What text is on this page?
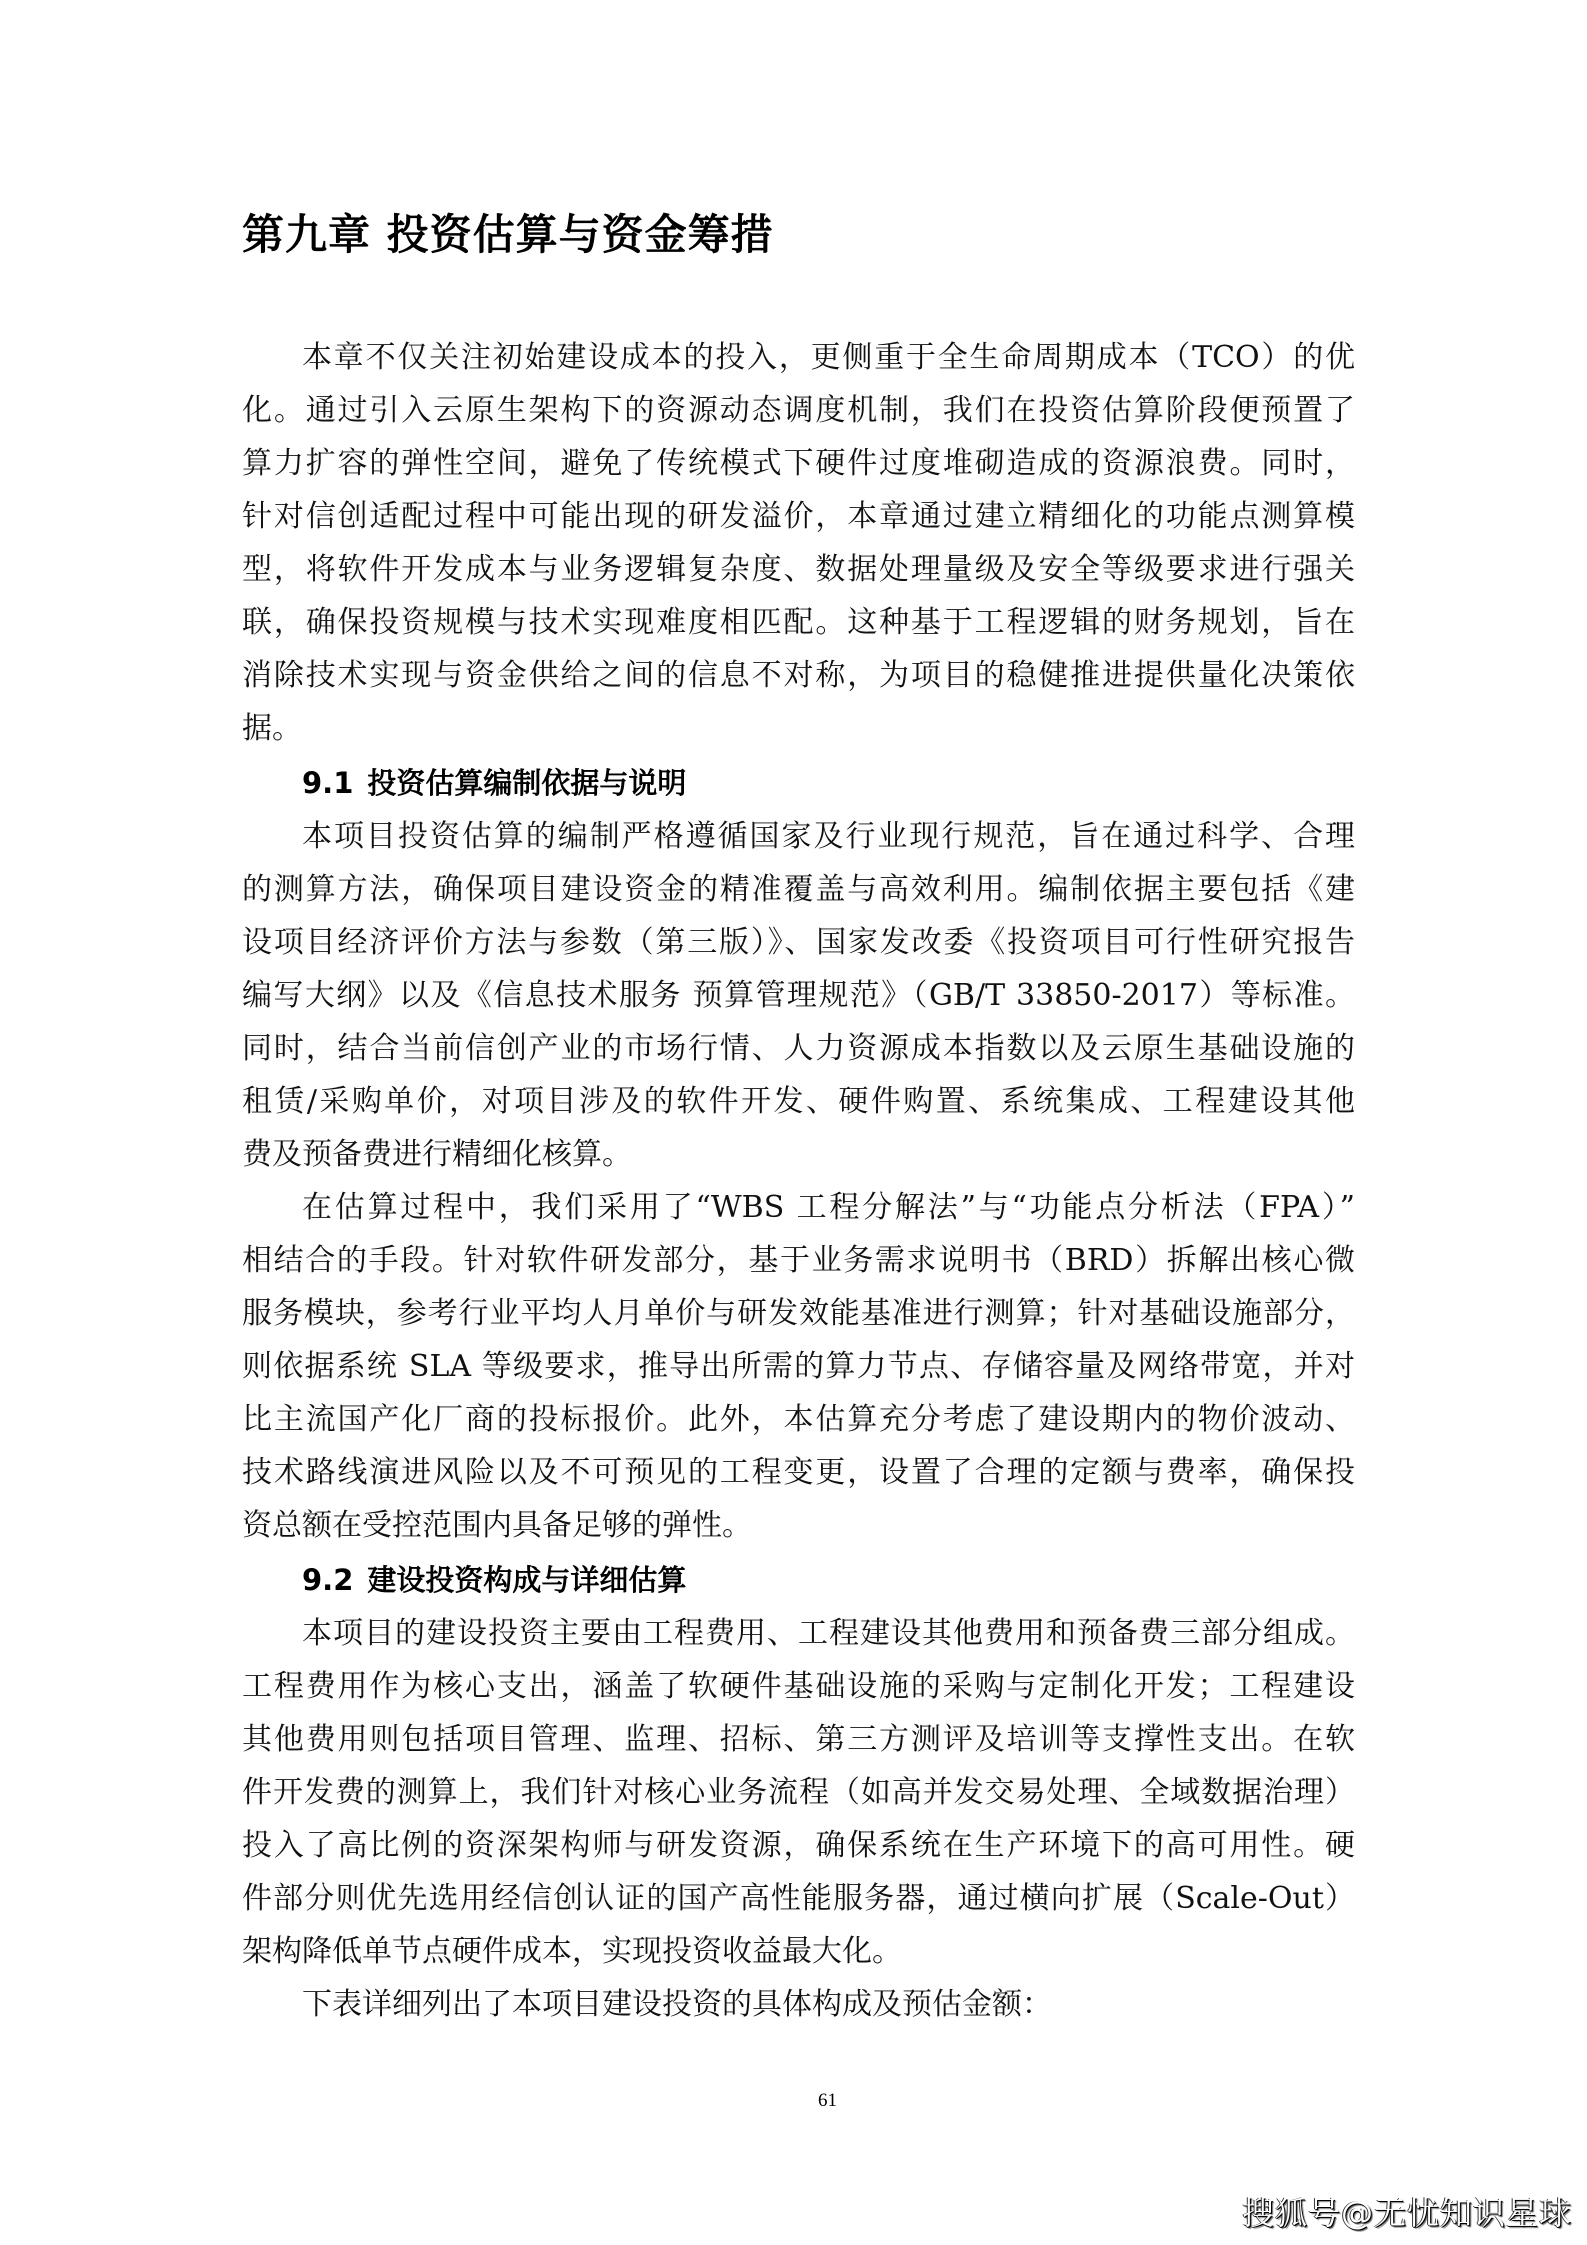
第九章 投资估算与资金筹措
本章不仅关注初始建设成本的投入，更侧重于全生命周期成本（TCO）的优
化。通过引入云原生架构下的资源动态调度机制，我们在投资估算阶段便预置了
算力扩容的弹性空间，避免了传统模式下硬件过度堆砌造成的资源浪费。同时，
针对信创适配过程中可能出现的研发溢价，本章通过建立精细化的功能点测算模
型，将软件开发成本与业务逻辑复杂度、数据处理量级及安全等级要求进行强关
联，确保投资规模与技术实现难度相匹配。这种基于工程逻辑的财务规划，旨在
消除技术实现与资金供给之间的信息不对称，为项目的稳健推进提供量化决策依
据。
9.1 投资估算编制依据与说明
本项目投资估算的编制严格遵循国家及行业现行规范，旨在通过科学、合理
的测算方法，确保项目建设资金的精准覆盖与高效利用。编制依据主要包括《建
设项目经济评价方法与参数（第三版）》、国家发改委《投资项目可行性研究报告
编写大纲》以及《信息技术服务 预算管理规范》（GB/T 33850-2017）等标准。
同时，结合当前信创产业的市场行情、人力资源成本指数以及云原生基础设施的
租赁/采购单价，对项目涉及的软件开发、硬件购置、系统集成、工程建设其他
费及预备费进行精细化核算。
在估算过程中，我们采用了“WBS 工程分解法”与“功能点分析法（FPA）”
相结合的手段。针对软件研发部分，基于业务需求说明书（BRD）拆解出核心微
服务模块，参考行业平均人月单价与研发效能基准进行测算；针对基础设施部分，
则依据系统 SLA 等级要求，推导出所需的算力节点、存储容量及网络带宽，并对
比主流国产化厂商的投标报价。此外，本估算充分考虑了建设期内的物价波动、
技术路线演进风险以及不可预见的工程变更，设置了合理的定额与费率，确保投
资总额在受控范围内具备足够的弹性。
9.2 建设投资构成与详细估算
本项目的建设投资主要由工程费用、工程建设其他费用和预备费三部分组成。
工程费用作为核心支出，涵盖了软硬件基础设施的采购与定制化开发；工程建设
其他费用则包括项目管理、监理、招标、第三方测评及培训等支撑性支出。在软
件开发费的测算上，我们针对核心业务流程（如高并发交易处理、全域数据治理）
投入了高比例的资深架构师与研发资源，确保系统在生产环境下的高可用性。硬
件部分则优先选用经信创认证的国产高性能服务器，通过横向扩展（Scale-Out）
架构降低单节点硬件成本，实现投资收益最大化。
下表详细列出了本项目建设投资的具体构成及预估金额：
61
搜狐号@无忧知识星球
